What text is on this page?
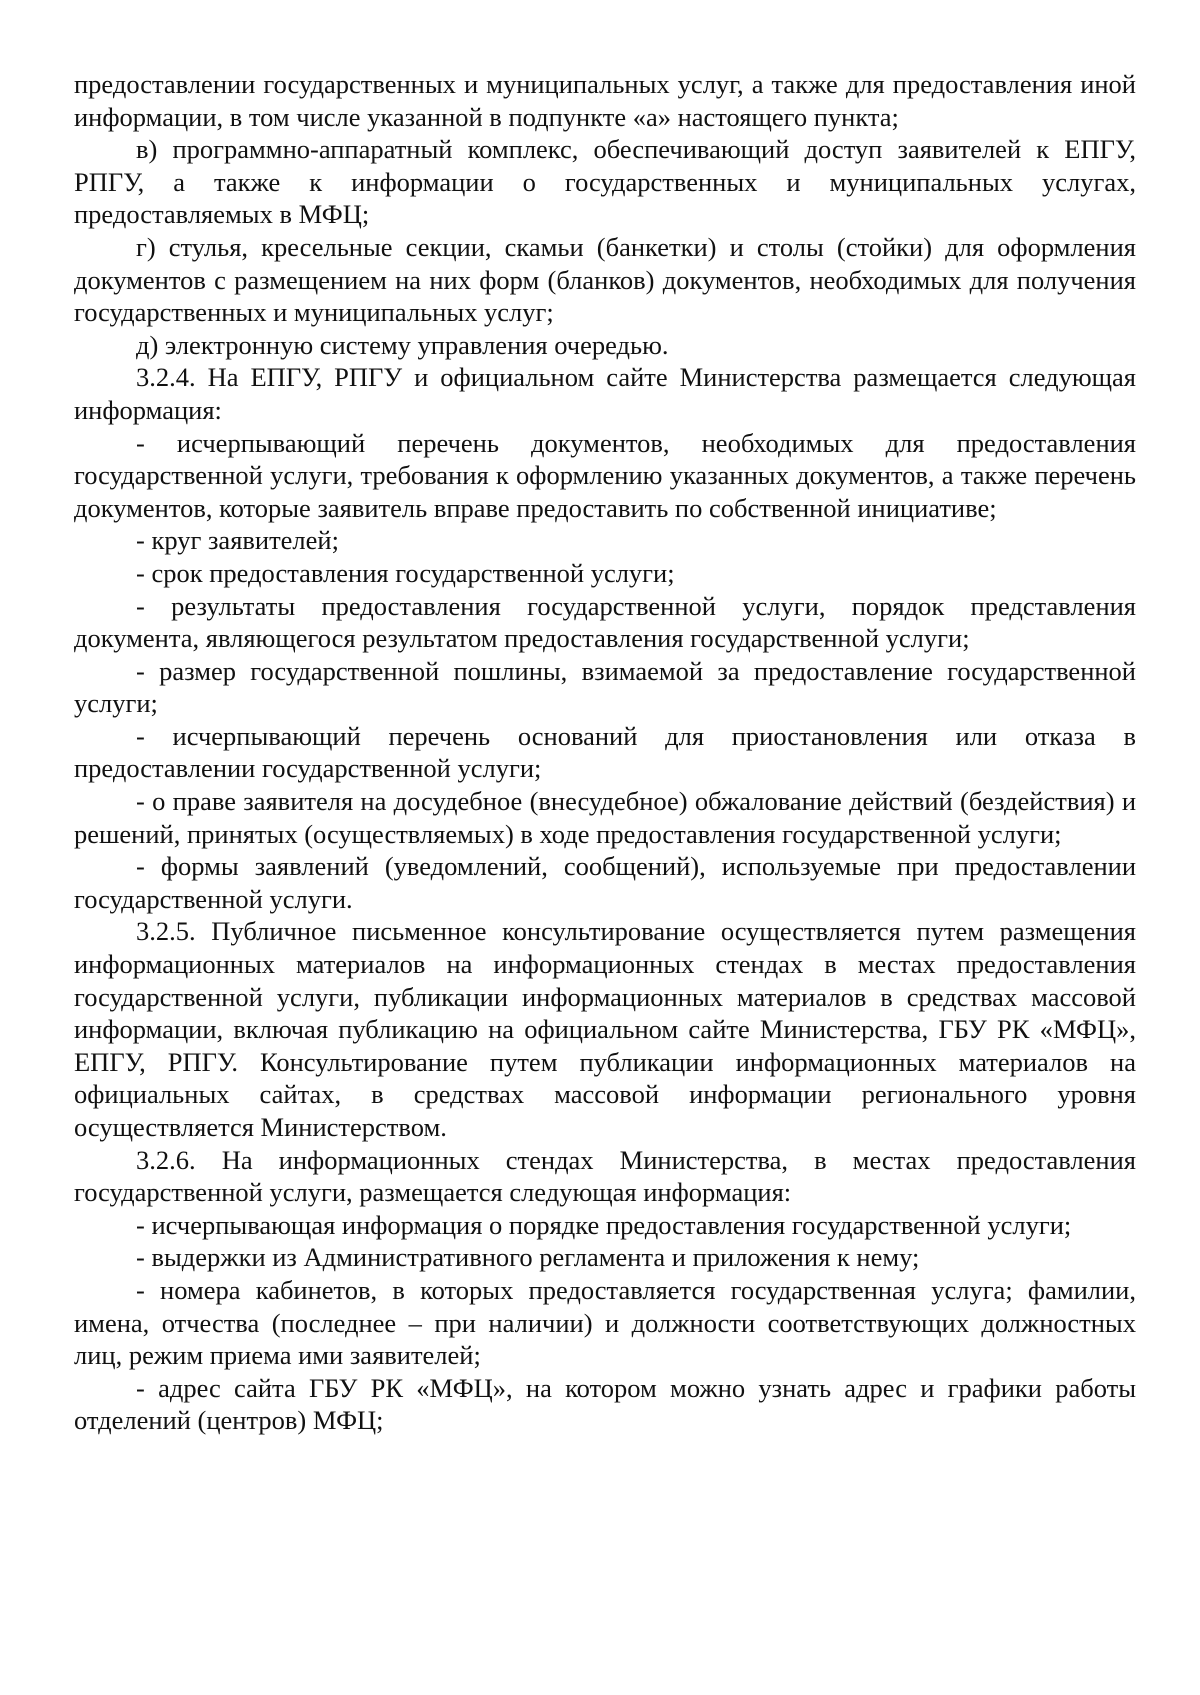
предоставлении государственных и муниципальных услуг, а также для предоставления иной информации, в том числе указанной в подпункте «а» настоящего пункта;

в) программно-аппаратный комплекс, обеспечивающий доступ заявителей к ЕПГУ, РПГУ, а также к информации о государственных и муниципальных услугах, предоставляемых в МФЦ;

г) стулья, кресельные секции, скамьи (банкетки) и столы (стойки) для оформления документов с размещением на них форм (бланков) документов, необходимых для получения государственных и муниципальных услуг;

д) электронную систему управления очередью.

3.2.4. На ЕПГУ, РПГУ и официальном сайте Министерства размещается следующая информация:

- исчерпывающий перечень документов, необходимых для предоставления государственной услуги, требования к оформлению указанных документов, а также перечень документов, которые заявитель вправе предоставить по собственной инициативе;

- круг заявителей;

- срок предоставления государственной услуги;

- результаты предоставления государственной услуги, порядок представления документа, являющегося результатом предоставления государственной услуги;

- размер государственной пошлины, взимаемой за предоставление государственной услуги;

- исчерпывающий перечень оснований для приостановления или отказа в предоставлении государственной услуги;

- о праве заявителя на досудебное (внесудебное) обжалование действий (бездействия) и решений, принятых (осуществляемых) в ходе предоставления государственной услуги;

- формы заявлений (уведомлений, сообщений), используемые при предоставлении государственной услуги.

3.2.5. Публичное письменное консультирование осуществляется путем размещения информационных материалов на информационных стендах в местах предоставления государственной услуги, публикации информационных материалов в средствах массовой информации, включая публикацию на официальном сайте Министерства, ГБУ РК «МФЦ», ЕПГУ, РПГУ. Консультирование путем публикации информационных материалов на официальных сайтах, в средствах массовой информации регионального уровня осуществляется Министерством.

3.2.6. На информационных стендах Министерства, в местах предоставления государственной услуги, размещается следующая информация:

- исчерпывающая информация о порядке предоставления государственной услуги;

- выдержки из Административного регламента и приложения к нему;

- номера кабинетов, в которых предоставляется государственная услуга; фамилии, имена, отчества (последнее – при наличии) и должности соответствующих должностных лиц, режим приема ими заявителей;

- адрес сайта ГБУ РК «МФЦ», на котором можно узнать адрес и графики работы отделений (центров) МФЦ;
